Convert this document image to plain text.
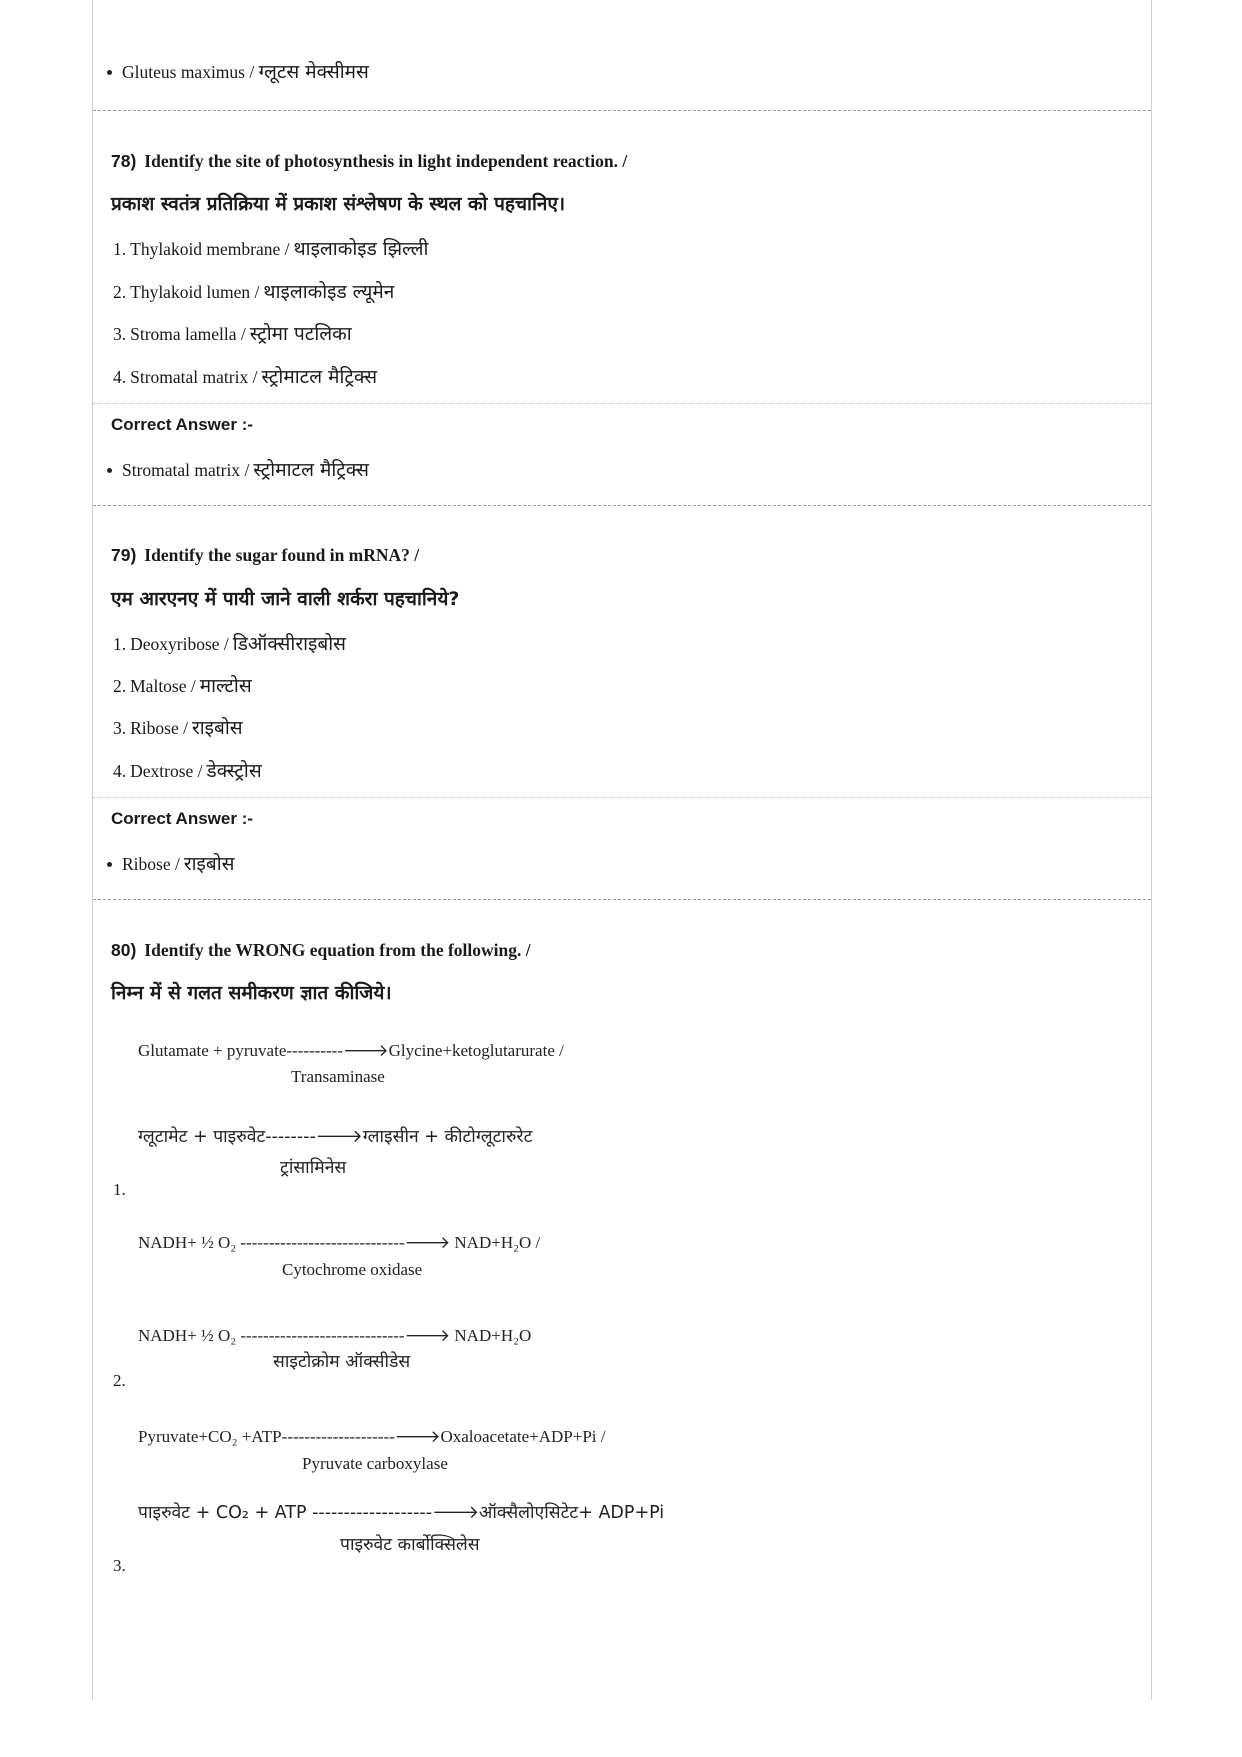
Gluteus maximus / ग्लूटस मेक्सीमस
78) Identify the site of photosynthesis in light independent reaction. /
प्रकाश स्वतंत्र प्रतिक्रिया में प्रकाश संश्लेषण के स्थल को पहचानिए।
1. Thylakoid membrane / थाइलाकोइड झिल्ली
2. Thylakoid lumen / थाइलाकोइड ल्यूमेन
3. Stroma lamella / स्ट्रोमा पटलिका
4. Stromatal matrix / स्ट्रोमाटल मैट्रिक्स
Correct Answer :-
Stromatal matrix / स्ट्रोमाटल मैट्रिक्स
79) Identify the sugar found in mRNA? /
एम आरएनए में पायी जाने वाली शर्करा पहचानिये?
1. Deoxyribose / डिऑक्सीराइबोस
2. Maltose / माल्टोस
3. Ribose / राइबोस
4. Dextrose / डेक्स्ट्रोस
Correct Answer :-
Ribose / राइबोस
80) Identify the WRONG equation from the following. /
निम्न में से गलत समीकरण ज्ञात कीजिये।
Glutamate + pyruvate----------🡒Glycine+ketoglutarurate /
Transaminase
ग्लूटामेट + पाइरुवेट--------🡒ग्लाइसीन + कीटोग्लूटारुरेट
ट्रांसामिनेस
1.
NADH+ ½ O₂ -----------------------------🡒 NAD+H₂O /
Cytochrome oxidase
NADH+ ½ O₂ -----------------------------🡒 NAD+H₂O
साइटोक्रोम ऑक्सीडेस
2.
Pyruvate+CO₂ +ATP--------------------🡒Oxaloacetate+ADP+Pi /
Pyruvate carboxylase
पाइरुवेट + CO₂ + ATP -------------------🡒ऑक्सैलोएसिटेट+ ADP+Pi
पाइरुवेट कार्बोक्सिलेस
3.
